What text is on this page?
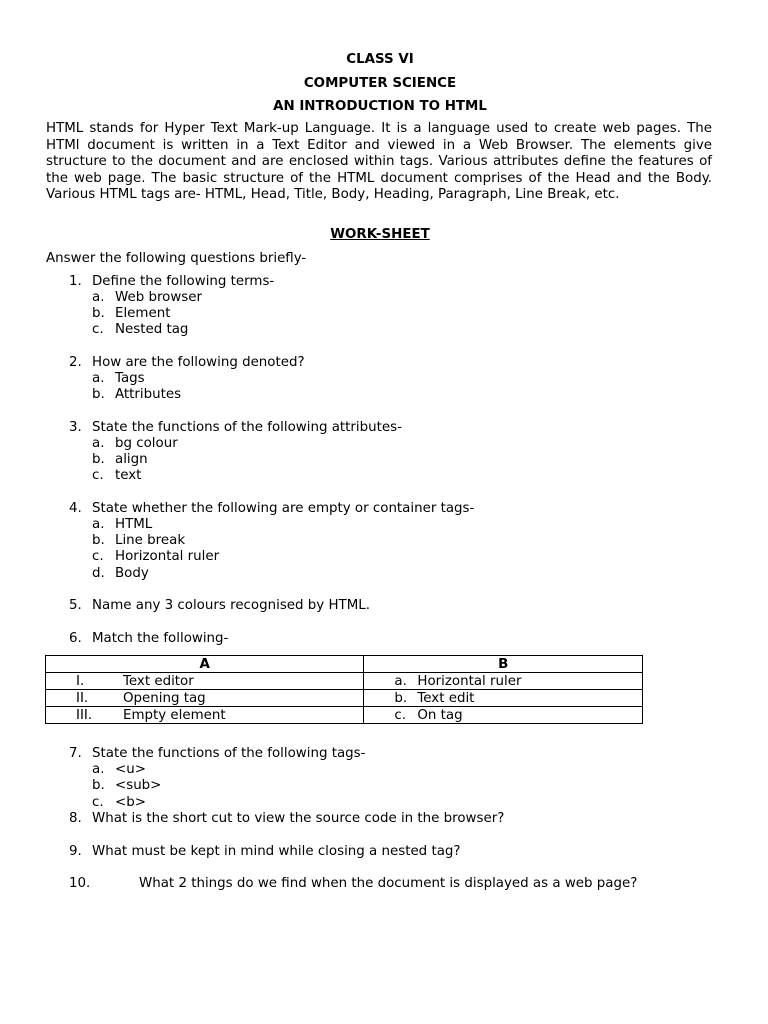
CLASS VI
COMPUTER SCIENCE
AN INTRODUCTION TO HTML

HTML stands for Hyper Text Mark-up Language. It is a language used to create web pages. The HTMl document is written in a Text Editor and viewed in a Web Browser. The elements give structure to the document and are enclosed within tags. Various attributes define the features of the web page. The basic structure of the HTML document comprises of the Head and the Body. Various HTML tags are- HTML, Head, Title, Body, Heading, Paragraph, Line Break, etc.

WORK-SHEET
Answer the following questions briefly-
1. Define the following terms-
a. Web browser
b. Element
c. Nested tag
2. How are the following denoted?
a. Tags
b. Attributes
3. State the functions of the following attributes-
a. bg colour
b. align
c. text
4. State whether the following are empty or container tags-
a. HTML
b. Line break
c. Horizontal ruler
d. Body
5. Name any 3 colours recognised by HTML.
6. Match the following-
A	B
I. Text editor	a. Horizontal ruler
II. Opening tag	b. Text edit
III. Empty element	c. On tag
7. State the functions of the following tags-
a. <u>
b. <sub>
c. <b>
8. What is the short cut to view the source code in the browser?
9. What must be kept in mind while closing a nested tag?
10.	What 2 things do we find when the document is displayed as a web page?
